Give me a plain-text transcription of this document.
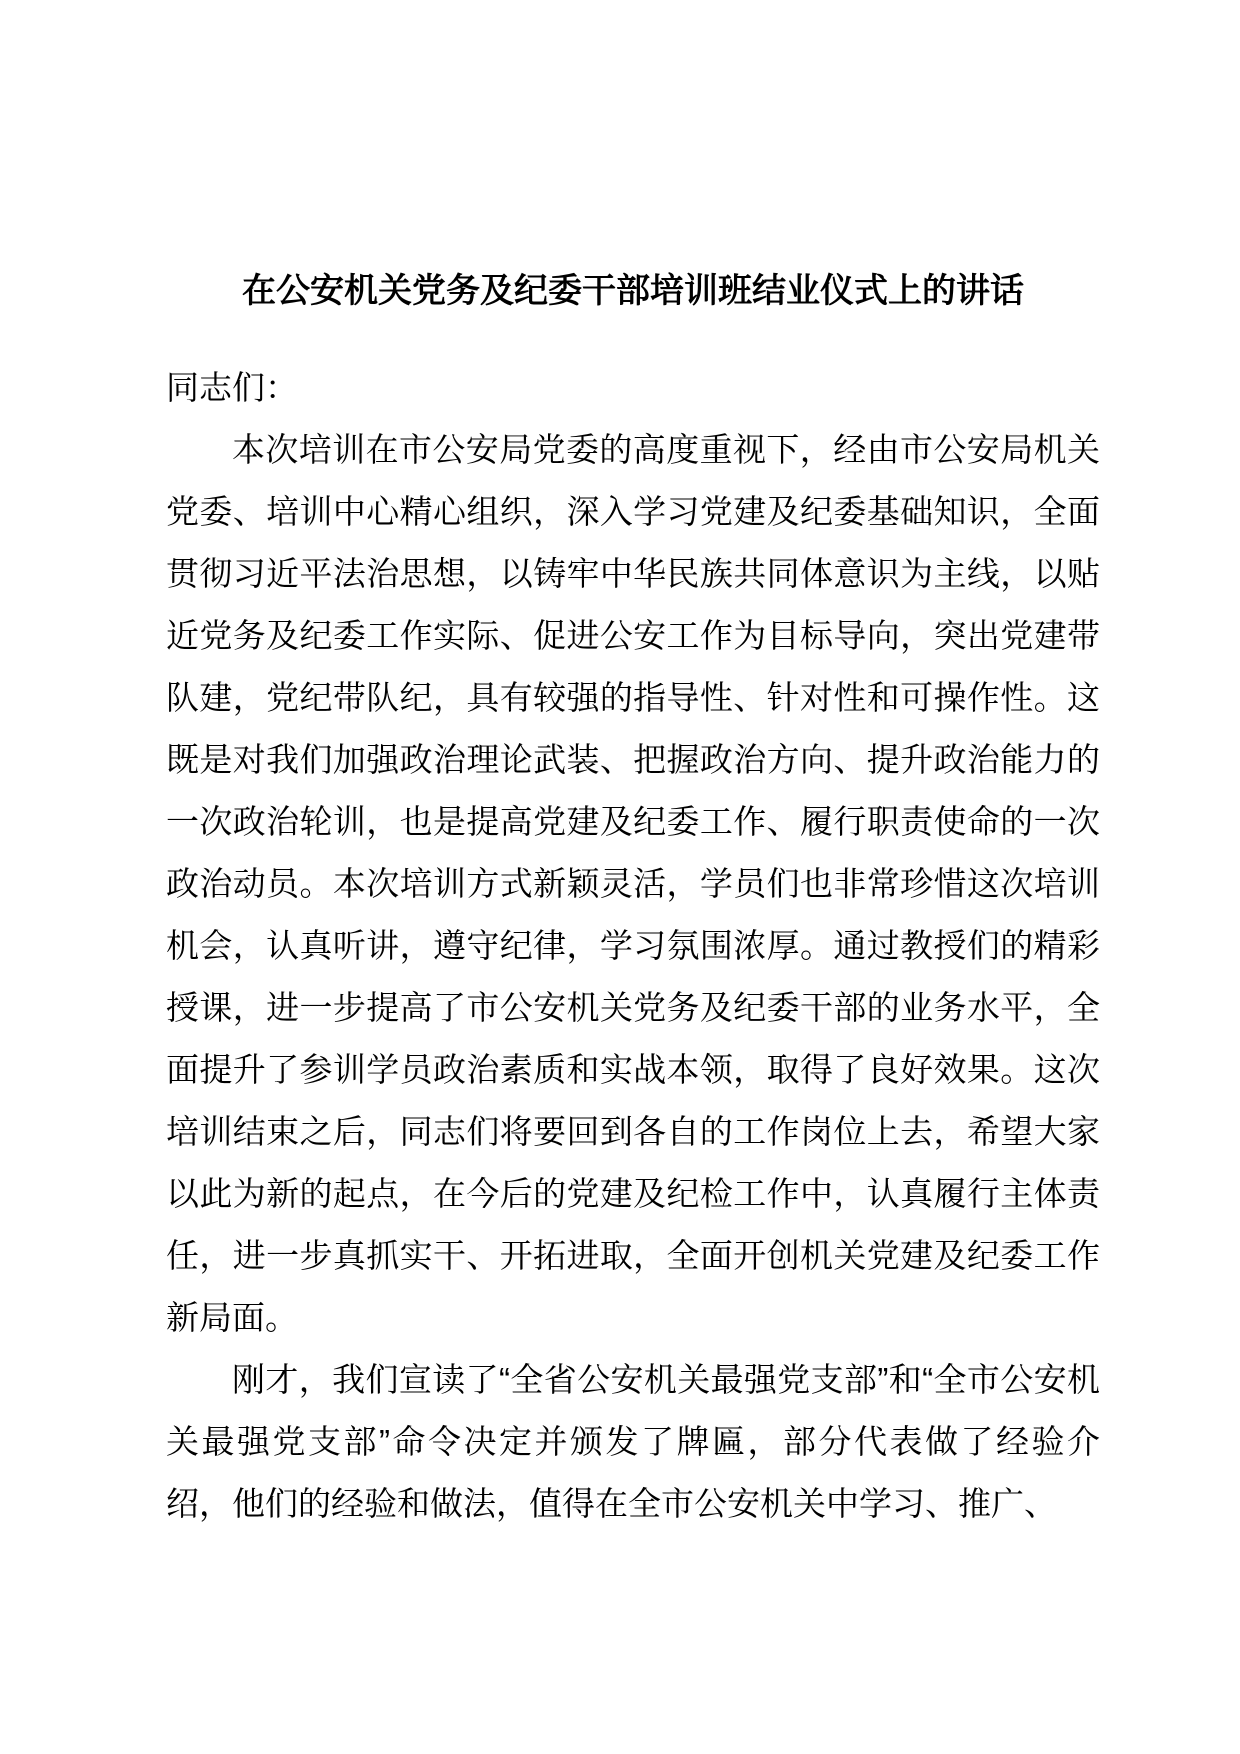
在公安机关党务及纪委干部培训班结业仪式上的讲话

同志们：

本次培训在市公安局党委的高度重视下，经由市公安局机关党委、培训中心精心组织，深入学习党建及纪委基础知识，全面贯彻习近平法治思想，以铸牢中华民族共同体意识为主线，以贴近党务及纪委工作实际、促进公安工作为目标导向，突出党建带队建，党纪带队纪，具有较强的指导性、针对性和可操作性。这既是对我们加强政治理论武装、把握政治方向、提升政治能力的一次政治轮训，也是提高党建及纪委工作、履行职责使命的一次政治动员。本次培训方式新颖灵活，学员们也非常珍惜这次培训机会，认真听讲，遵守纪律，学习氛围浓厚。通过教授们的精彩授课，进一步提高了市公安机关党务及纪委干部的业务水平，全面提升了参训学员政治素质和实战本领，取得了良好效果。这次培训结束之后，同志们将要回到各自的工作岗位上去，希望大家以此为新的起点，在今后的党建及纪检工作中，认真履行主体责任，进一步真抓实干、开拓进取，全面开创机关党建及纪委工作新局面。

刚才，我们宣读了“全省公安机关最强党支部”和“全市公安机关最强党支部”命令决定并颁发了牌匾，部分代表做了经验介绍，他们的经验和做法，值得在全市公安机关中学习、推广、
